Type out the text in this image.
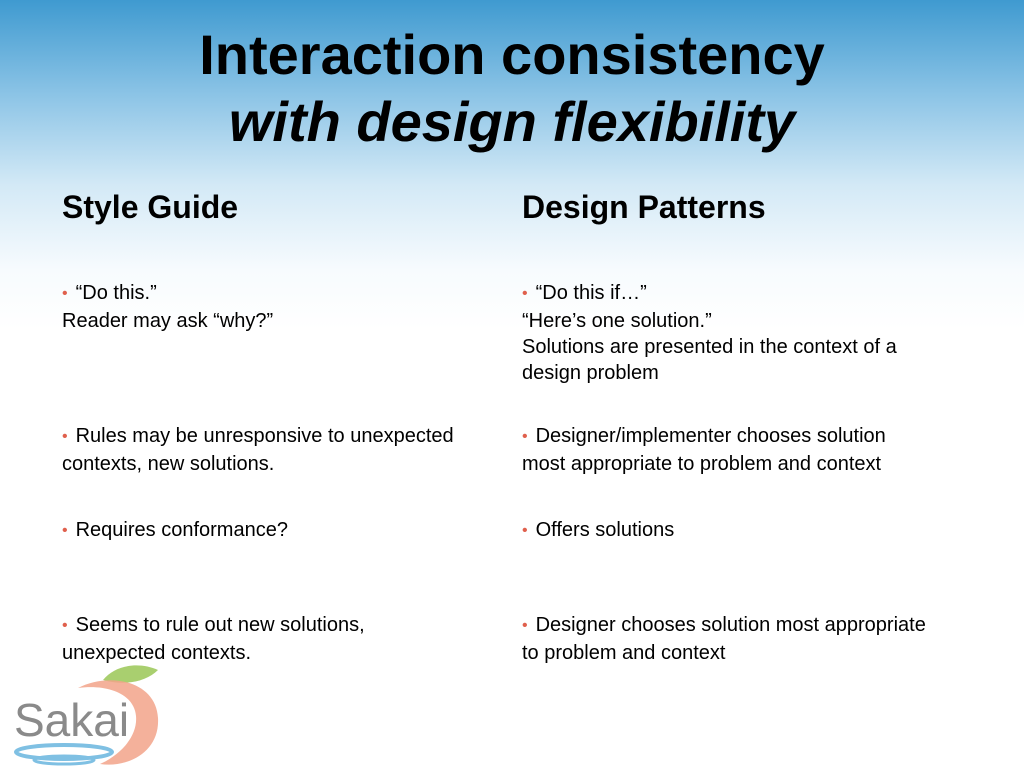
Interaction consistency
with design flexibility
Style Guide	Design Patterns
• “Do this.”
Reader may ask “why?”
• Rules may be unresponsive to unexpected
contexts, new solutions.
• Requires conformance?
• Seems to rule out new solutions,
unexpected contexts.
• “Do this if…”
“Here’s one solution.”
Solutions are presented in the context of a
design problem
• Designer/implementer chooses solution
most appropriate to problem and context
• Offers solutions
• Designer chooses solution most appropriate
to problem and context
Sakai
